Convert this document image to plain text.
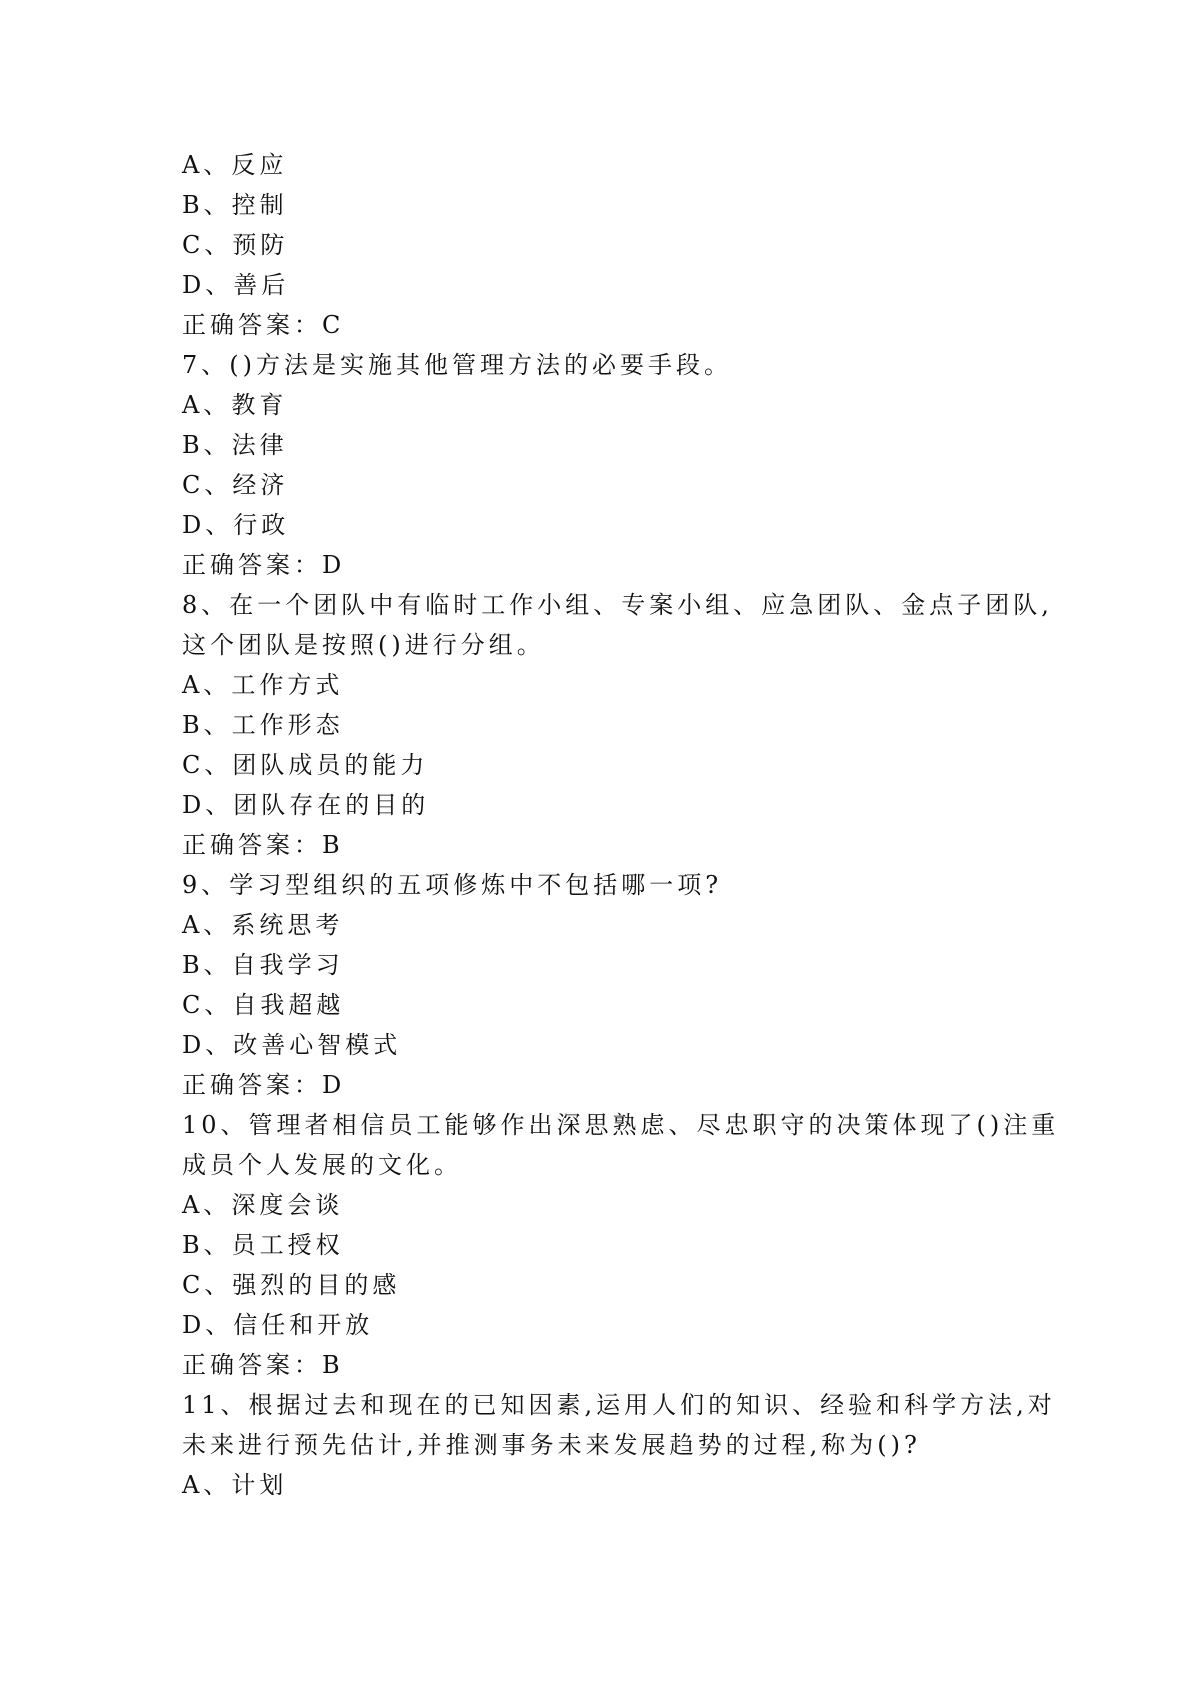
A、反应
B、控制
C、预防
D、善后
正确答案：C
7、()方法是实施其他管理方法的必要手段。
A、教育
B、法律
C、经济
D、行政
正确答案：D
8、在一个团队中有临时工作小组、专案小组、应急团队、金点子团队,
这个团队是按照()进行分组。
A、工作方式
B、工作形态
C、团队成员的能力
D、团队存在的目的
正确答案：B
9、学习型组织的五项修炼中不包括哪一项?
A、系统思考
B、自我学习
C、自我超越
D、改善心智模式
正确答案：D
10、管理者相信员工能够作出深思熟虑、尽忠职守的决策体现了()注重
成员个人发展的文化。
A、深度会谈
B、员工授权
C、强烈的目的感
D、信任和开放
正确答案：B
11、根据过去和现在的已知因素,运用人们的知识、经验和科学方法,对
未来进行预先估计,并推测事务未来发展趋势的过程,称为()?
A、计划
